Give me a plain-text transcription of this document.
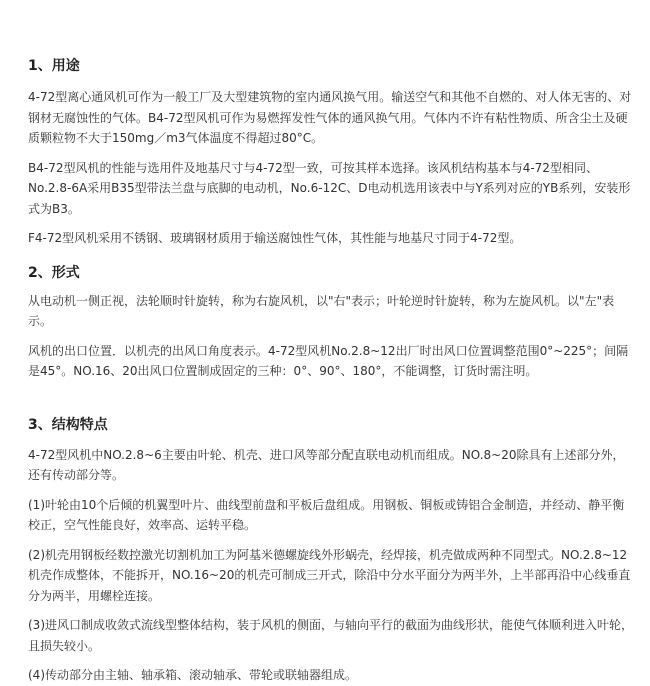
1、用途

4-72型离心通风机可作为一般工厂及大型建筑物的室内通风换气用。输送空气和其他不自燃的、对人体无害的、对钢材无腐蚀性的气体。B4-72型风机可作为易燃挥发性气体的通风换气用。气体内不许有粘性物质、所含尘土及硬质颗粒物不大于150mg／m3气体温度不得超过80°C。

B4-72型风机的性能与选用件及地基尺寸与4-72型一致，可按其样本选择。该风机结构基本与4-72型相同、No.2.8-6A采用B35型带法兰盘与底脚的电动机，No.6-12C、D电动机选用该表中与Y系列对应的YB系列，安装形式为B3。

F4-72型风机采用不锈钢、玻璃钢材质用于输送腐蚀性气体，其性能与地基尺寸同于4-72型。

2、形式

从电动机一侧正视，法轮顺时针旋转，称为右旋风机，以"右"表示；叶轮逆时针旋转，称为左旋风机。以"左"表示。

风机的出口位置．以机壳的出风口角度表示。4-72型风机No.2.8~12出厂时出风口位置调整范围0°~225°；间隔是45°。NO.16、20出风口位置制成固定的三种：0°、90°、180°，不能调整，订货时需注明。

3、结构特点

4-72型风机中NO.2.8~6主要由叶轮、机壳、进口风等部分配直联电动机而组成。NO.8~20除具有上述部分外，还有传动部分等。

(1)叶轮由10个后倾的机翼型叶片、曲线型前盘和平板后盘组成。用钢板、铜板或铸铝合金制造，并经动、静平衡校正，空气性能良好，效率高、运转平稳。

(2)机壳用钢板经数控激光切割机加工为阿基米德螺旋线外形蜗壳，经焊接，机壳做成两种不同型式。NO.2.8~12机壳作成整体，不能拆开，NO.16~20的机壳可制成三开式，除沿中分水平面分为两半外，上半部再沿中心线垂直分为两半，用螺栓连接。

(3)进风口制成收敛式流线型整体结构，装于风机的侧面，与轴向平行的截面为曲线形状，能使气体顺利进入叶轮，且损失较小。

(4)传动部分由主轴、轴承箱、滚动轴承、带轮或联轴器组成。
